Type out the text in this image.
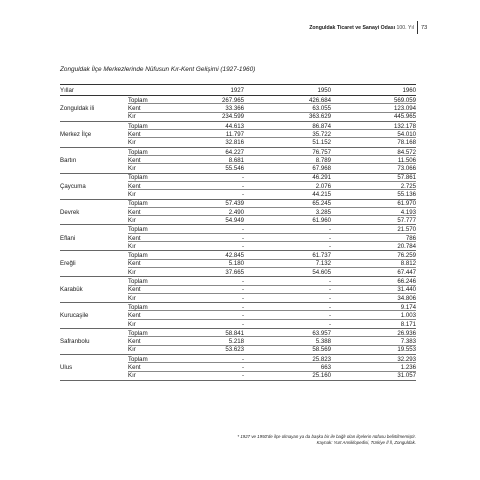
Zonguldak Ticaret ve Sanayi Odası 100. Yıl 73
Zonguldak İlçe Merkezlerinde Nüfusun Kır-Kent Gelişimi (1927-1960)
Yıllar	1927	1950	1960
Toplam	267.965	426.684	569.059
Zonguldak ili	Kent	33.366	63.055	123.094
Kır	234.599	363.629	445.965
Toplam	44.613	86.874	132.178
Merkez İlçe	Kent	11.797	35.722	54.010
Kır	32.816	51.152	78.168
Toplam	64.227	76.757	84.572
Bartın	Kent	8.681	8.789	11.506
Kır	55.546	67.968	73.066
Toplam	-	46.291	57.861
Çaycuma	Kent	-	2.076	2.725
Kır	-	44.215	55.136
Toplam	57.439	65.245	61.970
Devrek	Kent	2.490	3.285	4.193
Kır	54.949	61.960	57.777
Toplam	-	-	21.570
Eflani	Kent	-	-	786
Kır	-	-	20.784
Toplam	42.845	61.737	76.259
Ereğli	Kent	5.180	7.132	8.812
Kır	37.665	54.605	67.447
Toplam	-	-	66.246
Karabük	Kent	-	-	31.440
Kır	-	-	34.806
Toplam	-	-	9.174
Kurucaşile	Kent	-	-	1.003
Kır	-	-	8.171
Toplam	58.841	63.957	26.936
Safranbolu	Kent	5.218	5.388	7.383
Kır	53.623	58.569	19.553
Toplam	-	25.823	32.293
Ulus	Kent	-	663	1.236
Kır	-	25.160	31.057
* 1927 ve 1950'de ilçe olmayan ya da başka bir ile bağlı olan ilçelerin nüfusu belirtilmemiştir.
Kaynak: Yurt Ansiklopedisi, Türkiye İl İl, Zonguldak.
